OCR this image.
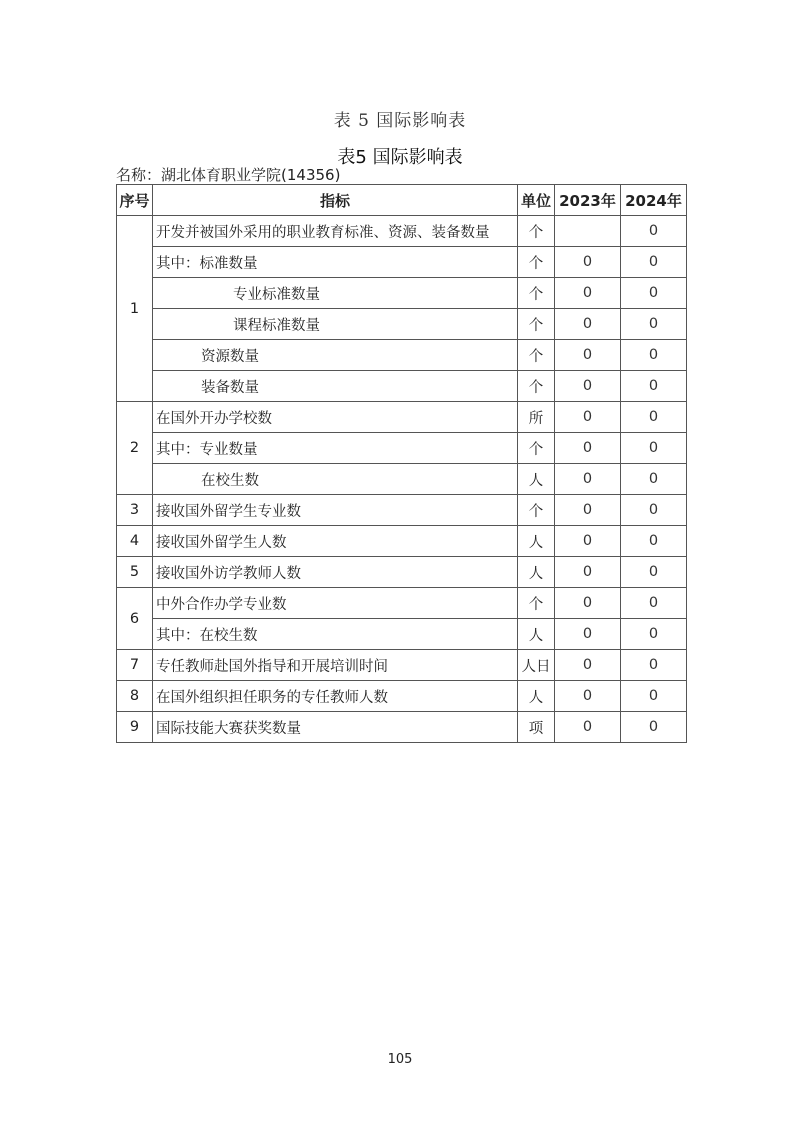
表 5 国际影响表
表5 国际影响表
名称：湖北体育职业学院(14356)
序号	指标	单位	2023年	2024年
1	开发并被国外采用的职业教育标准、资源、装备数量	个		0
	其中：标准数量	个	0	0
	专业标准数量	个	0	0
	课程标准数量	个	0	0
	资源数量	个	0	0
	装备数量	个	0	0
2	在国外开办学校数	所	0	0
	其中：专业数量	个	0	0
	在校生数	人	0	0
3	接收国外留学生专业数	个	0	0
4	接收国外留学生人数	人	0	0
5	接收国外访学教师人数	人	0	0
6	中外合作办学专业数	个	0	0
	其中：在校生数	人	0	0
7	专任教师赴国外指导和开展培训时间	人日	0	0
8	在国外组织担任职务的专任教师人数	人	0	0
9	国际技能大赛获奖数量	项	0	0
105
